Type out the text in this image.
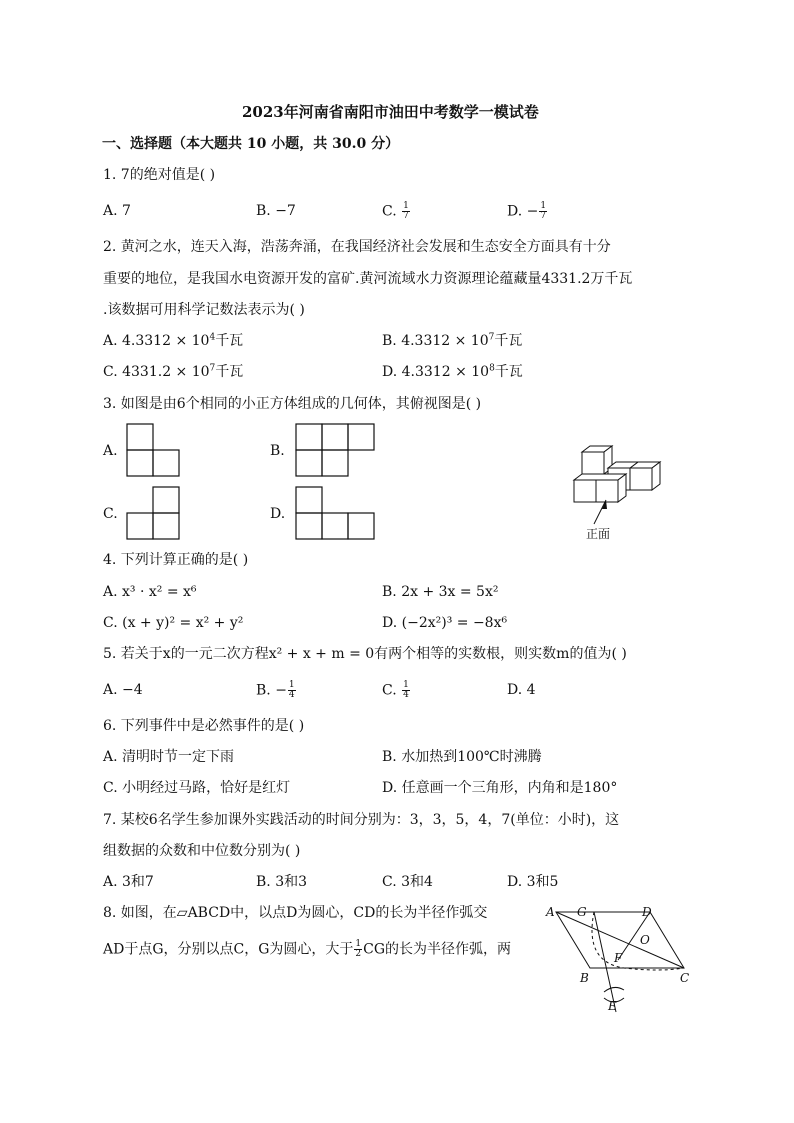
2023年河南省南阳市油田中考数学一模试卷
一、选择题（本大题共 10 小题，共 30.0 分）
1. 7的绝对值是( )
A. 7	B. −7	C. $\frac{1}{7}$	D. − $\frac{1}{7}$
2. 黄河之水，连天入海，浩荡奔涌，在我国经济社会发展和生态安全方面具有十分
重要的地位，是我国水电资源开发的富矿.黄河流域水力资源理论蕴藏量4331.2万千瓦
.该数据可用科学记数法表示为( )
A. $4.3312 \times 10^4$千瓦	B. $4.3312 \times 10^7$千瓦
C. $4331.2 \times 10^7$千瓦	D. $4.3312 \times 10^8$千瓦
3. 如图是由6个相同的小正方体组成的几何体，其俯视图是( )
A.	B.
C.	D.
正面
4. 下列计算正确的是( )
A. x³ · x² = x⁶	B. 2x + 3x = 5x²
C. (x + y)² = x² + y²	D. (−2x²)³ = −8x⁶
5. 若关于x的一元二次方程x² + x + m = 0有两个相等的实数根，则实数m的值为( )
A. −4	B. − $\frac{1}{4}$	C. $\frac{1}{4}$	D. 4
6. 下列事件中是必然事件的是( )
A. 清明时节一定下雨	B. 水加热到100℃时沸腾
C. 小明经过马路，恰好是红灯	D. 任意画一个三角形，内角和是180°
7. 某校6名学生参加课外实践活动的时间分别为：3，3，5，4，7(单位：小时)，这
组数据的众数和中位数分别为( )
A. 3和7	B. 3和3	C. 3和4	D. 3和5
8. 如图，在▱ABCD中，以点D为圆心，CD的长为半径作弧交
AD于点G，分别以点C，G为圆心，大于 $\frac{1}{2}$ CG的长为半径作弧，两
A G	D
O
F
B	C
E
